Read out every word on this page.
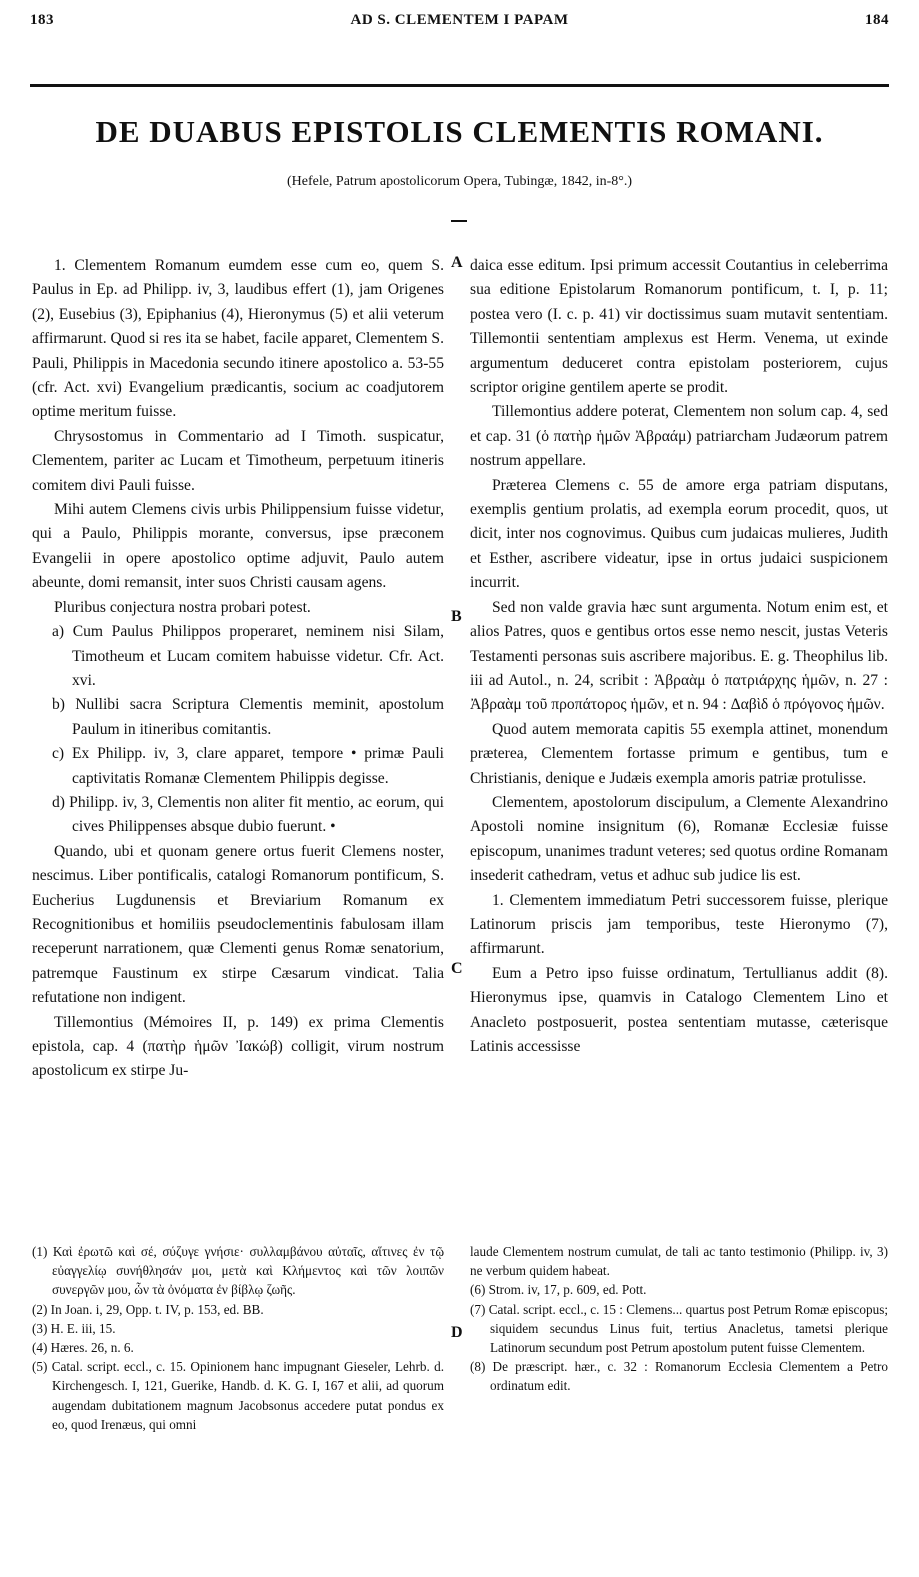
183	AD S. CLEMENTEM I PAPAM	184
DE DUABUS EPISTOLIS CLEMENTIS ROMANI.
(Hefele, Patrum apostolicorum Opera, Tubingæ, 1842, in-8°.)
A
B
C
D

1. Clementem Romanum eumdem esse cum eo, quem S. Paulus in Ep. ad Philipp. iv, 3, laudibus effert (1), jam Origenes (2), Eusebius (3), Epiphanius (4), Hieronymus (5) et alii veterum affirmarunt. Quod si res ita se habet, facile apparet, Clementem S. Pauli, Philippis in Macedonia secundo itinere apostolico a. 53-55 (cfr. Act. xvi) Evangelium prædicantis, socium ac coadjutorem optime meritum fuisse.

Chrysostomus in Commentario ad I Timoth. suspicatur, Clementem, pariter ac Lucam et Timotheum, perpetuum itineris comitem divi Pauli fuisse.

Mihi autem Clemens civis urbis Philippensium fuisse videtur, qui a Paulo, Philippis morante, conversus, ipse præconem Evangelii in opere apostolico optime adjuvit, Paulo autem abeunte, domi remansit, inter suos Christi causam agens.

Pluribus conjectura nostra probari potest.

a) Cum Paulus Philippos properaret, neminem nisi Silam, Timotheum et Lucam comitem habuisse videtur. Cfr. Act. xvi.

b) Nullibi sacra Scriptura Clementis meminit, apostolum Paulum in itineribus comitantis.

c) Ex Philipp. iv, 3, clare apparet, tempore • primæ Pauli captivitatis Romanæ Clementem Philippis degisse.

d) Philipp. iv, 3, Clementis non aliter fit mentio, ac eorum, qui cives Philippenses absque dubio fuerunt. •

Quando, ubi et quonam genere ortus fuerit Clemens noster, nescimus. Liber pontificalis, catalogi Romanorum pontificum, S. Eucherius Lugdunensis et Breviarium Romanum ex Recognitionibus et homiliis pseudoclementinis fabulosam illam receperunt narrationem, quæ Clementi genus Romæ senatorium, patremque Faustinum ex stirpe Cæsarum vindicat. Talia refutatione non indigent.

Tillemontius (Mémoires II, p. 149) ex prima Clementis epistola, cap. 4 (πατὴρ ἡμῶν Ἰακώβ) colligit, virum nostrum apostolicum ex stirpe Ju-

daica esse editum. Ipsi primum accessit Coutantius in celeberrima sua editione Epistolarum Romanorum pontificum, t. I, p. 11; postea vero (I. c. p. 41) vir doctissimus suam mutavit sententiam. Tillemontii sententiam amplexus est Herm. Venema, ut exinde argumentum deduceret contra epistolam posteriorem, cujus scriptor origine gentilem aperte se prodit.

Tillemontius addere poterat, Clementem non solum cap. 4, sed et cap. 31 (ὁ πατὴρ ἡμῶν Ἀβραάμ) patriarcham Judæorum patrem nostrum appellare.

Præterea Clemens c. 55 de amore erga patriam disputans, exemplis gentium prolatis, ad exempla eorum procedit, quos, ut dicit, inter nos cognovimus. Quibus cum judaicas mulieres, Judith et Esther, ascribere videatur, ipse in ortus judaici suspicionem incurrit.

Sed non valde gravia hæc sunt argumenta. Notum enim est, et alios Patres, quos e gentibus ortos esse nemo nescit, justas Veteris Testamenti personas suis ascribere majoribus. E. g. Theophilus lib. iii ad Autol., n. 24, scribit : Ἀβραὰμ ὁ πατριάρχης ἡμῶν, n. 27 : Ἀβραὰμ τοῦ προπάτορος ἡμῶν, et n. 94 : Δαβὶδ ὁ πρόγονος ἡμῶν.

Quod autem memorata capitis 55 exempla attinet, monendum præterea, Clementem fortasse primum e gentibus, tum e Christianis, denique e Judæis exempla amoris patriæ protulisse.

Clementem, apostolorum discipulum, a Clemente Alexandrino Apostoli nomine insignitum (6), Romanæ Ecclesiæ fuisse episcopum, unanimes tradunt veteres; sed quotus ordine Romanam insederit cathedram, vetus et adhuc sub judice lis est.

1. Clementem immediatum Petri successorem fuisse, plerique Latinorum priscis jam temporibus, teste Hieronymo (7), affirmarunt.

Eum a Petro ipso fuisse ordinatum, Tertullianus addit (8). Hieronymus ipse, quamvis in Catalogo Clementem Lino et Anacleto postposuerit, postea sententiam mutasse, cæterisque Latinis accessisse

(1) Καὶ ἐρωτῶ καὶ σέ, σύζυγε γνήσιε· συλλαμβάνου αὐταῖς, αἵτινες ἐν τῷ εὐαγγελίῳ συνήθλησάν μοι, μετὰ καὶ Κλήμεντος καὶ τῶν λοιπῶν συνεργῶν μου, ὧν τὰ ὀνόματα ἐν βίβλῳ ζωῆς.

(2) In Joan. i, 29, Opp. t. IV, p. 153, ed. BB.

(3) H. E. iii, 15.

(4) Hæres. 26, n. 6.

(5) Catal. script. eccl., c. 15. Opinionem hanc impugnant Gieseler, Lehrb. d. Kirchengesch. I, 121, Guerike, Handb. d. K. G. I, 167 et alii, ad quorum augendam dubitationem magnum Jacobsonus accedere putat pondus ex eo, quod Irenæus, qui omni

laude Clementem nostrum cumulat, de tali ac tanto testimonio (Philipp. iv, 3) ne verbum quidem habeat.

(6) Strom. iv, 17, p. 609, ed. Pott.

(7) Catal. script. eccl., c. 15 : Clemens... quartus post Petrum Romæ episcopus; siquidem secundus Linus fuit, tertius Anacletus, tametsi plerique Latinorum secundum post Petrum apostolum putent fuisse Clementem.

(8) De præscript. hær., c. 32 : Romanorum Ecclesia Clementem a Petro ordinatum edit.
